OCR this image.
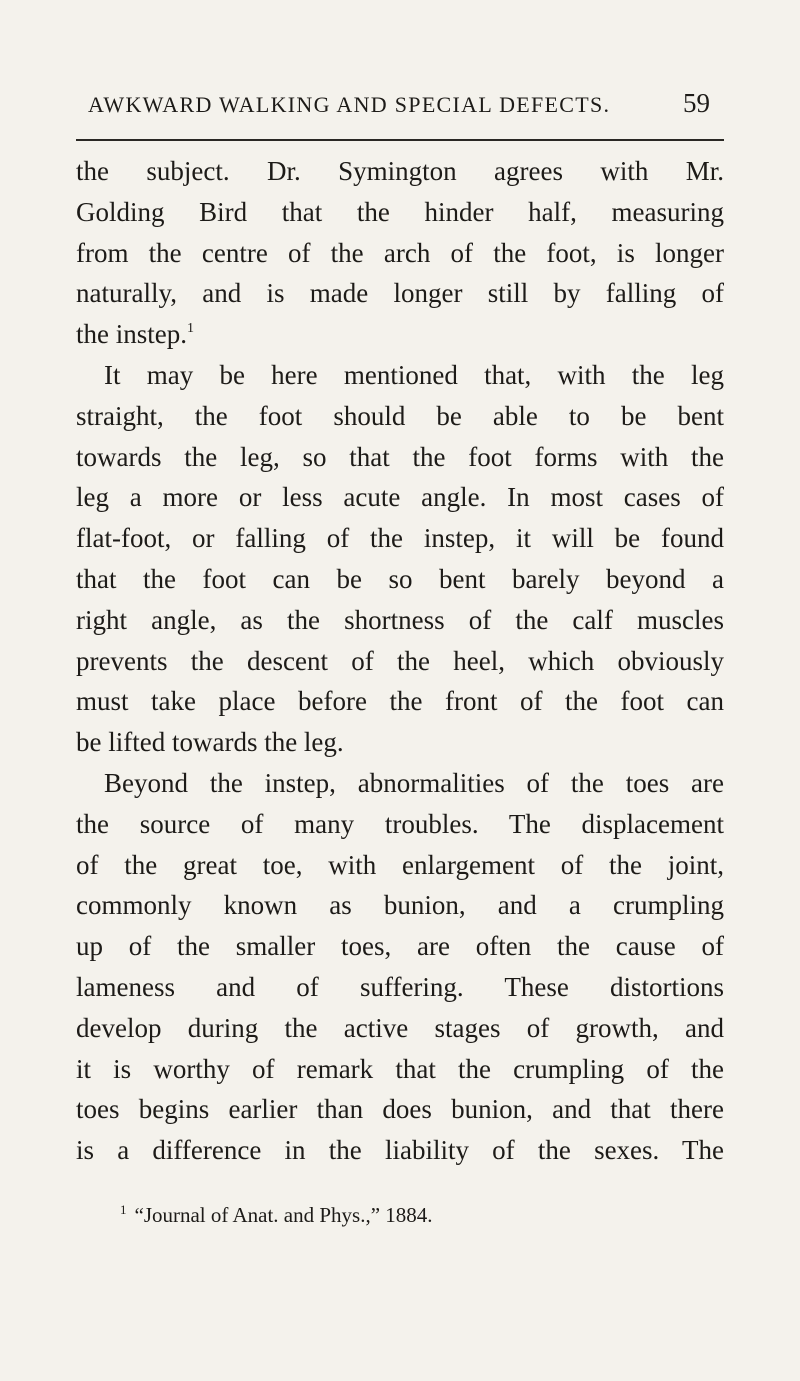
AWKWARD WALKING AND SPECIAL DEFECTS.	59
the subject. Dr. Symington agrees with Mr.
Golding Bird that the hinder half, measuring
from the centre of the arch of the foot, is longer
naturally, and is made longer still by falling of
the instep.$^1$
It may be here mentioned that, with the leg
straight, the foot should be able to be bent
towards the leg, so that the foot forms with the
leg a more or less acute angle. In most cases of
flat-foot, or falling of the instep, it will be found
that the foot can be so bent barely beyond a
right angle, as the shortness of the calf muscles
prevents the descent of the heel, which obviously
must take place before the front of the foot can
be lifted towards the leg.
Beyond the instep, abnormalities of the toes are
the source of many troubles. The displacement
of the great toe, with enlargement of the joint,
commonly known as bunion, and a crumpling
up of the smaller toes, are often the cause of
lameness and of suffering. These distortions
develop during the active stages of growth, and
it is worthy of remark that the crumpling of the
toes begins earlier than does bunion, and that there
is a difference in the liability of the sexes. The
$^1$ “Journal of Anat. and Phys.,” 1884.
